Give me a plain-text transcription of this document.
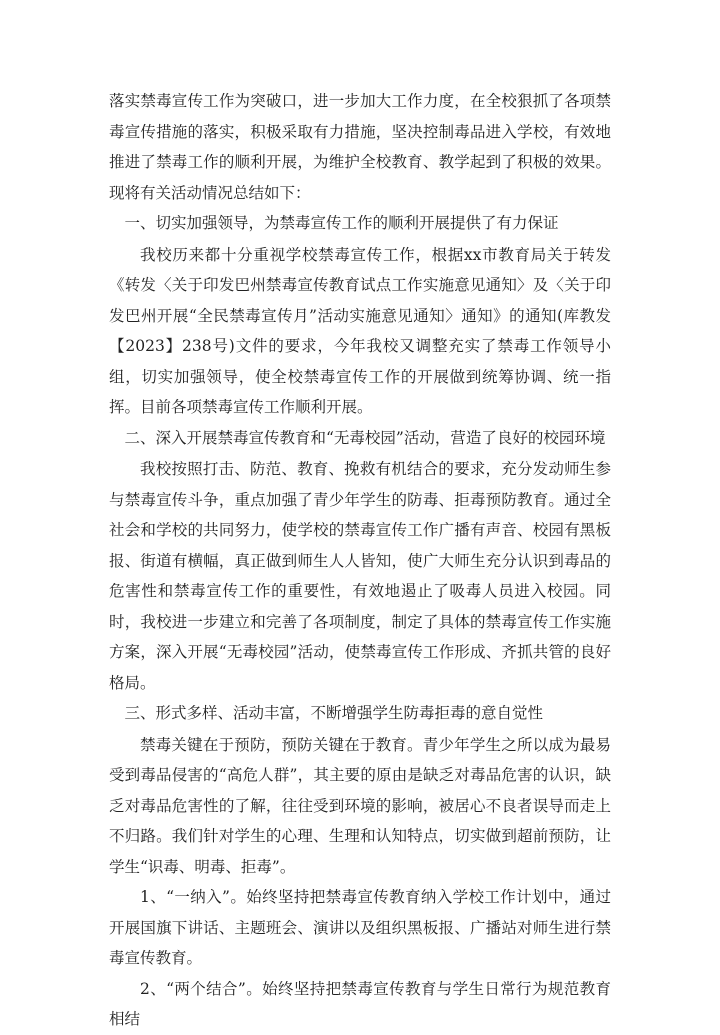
落实禁毒宣传工作为突破口，进一步加大工作力度，在全校狠抓了各项禁毒宣传措施的落实，积极采取有力措施，坚决控制毒品进入学校，有效地推进了禁毒工作的顺利开展，为维护全校教育、教学起到了积极的效果。现将有关活动情况总结如下：

一、切实加强领导，为禁毒宣传工作的顺利开展提供了有力保证

我校历来都十分重视学校禁毒宣传工作，根据xx市教育局关于转发《转发〈关于印发巴州禁毒宣传教育试点工作实施意见通知〉及〈关于印发巴州开展“全民禁毒宣传月”活动实施意见通知〉通知》的通知(库教发【2023】238号)文件的要求，今年我校又调整充实了禁毒工作领导小组，切实加强领导，使全校禁毒宣传工作的开展做到统筹协调、统一指挥。目前各项禁毒宣传工作顺利开展。

二、深入开展禁毒宣传教育和“无毒校园”活动，营造了良好的校园环境

我校按照打击、防范、教育、挽救有机结合的要求，充分发动师生参与禁毒宣传斗争，重点加强了青少年学生的防毒、拒毒预防教育。通过全社会和学校的共同努力，使学校的禁毒宣传工作广播有声音、校园有黑板报、街道有横幅，真正做到师生人人皆知，使广大师生充分认识到毒品的危害性和禁毒宣传工作的重要性，有效地遏止了吸毒人员进入校园。同时，我校进一步建立和完善了各项制度，制定了具体的禁毒宣传工作实施方案，深入开展“无毒校园”活动，使禁毒宣传工作形成、齐抓共管的良好格局。

三、形式多样、活动丰富，不断增强学生防毒拒毒的意自觉性

禁毒关键在于预防，预防关键在于教育。青少年学生之所以成为最易受到毒品侵害的“高危人群”，其主要的原由是缺乏对毒品危害的认识，缺乏对毒品危害性的了解，往往受到环境的影响，被居心不良者误导而走上不归路。我们针对学生的心理、生理和认知特点，切实做到超前预防，让学生“识毒、明毒、拒毒”。

1、“一纳入”。始终坚持把禁毒宣传教育纳入学校工作计划中，通过开展国旗下讲话、主题班会、演讲以及组织黑板报、广播站对师生进行禁毒宣传教育。

2、“两个结合”。始终坚持把禁毒宣传教育与学生日常行为规范教育相结
